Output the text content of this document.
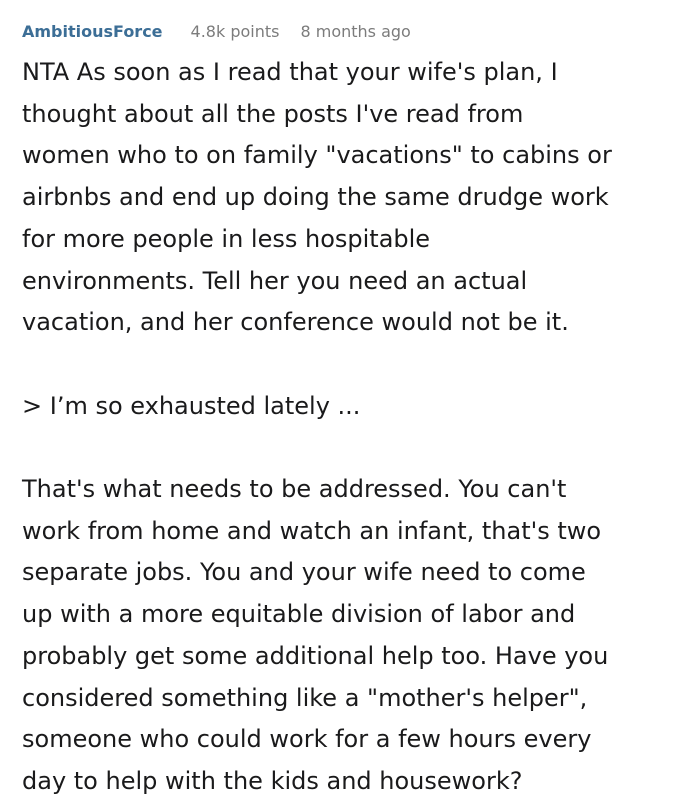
AmbitiousForce 4.8k points 8 months ago

NTA As soon as I read that your wife's plan, I
thought about all the posts I've read from
women who to on family "vacations" to cabins or
airbnbs and end up doing the same drudge work
for more people in less hospitable
environments. Tell her you need an actual
vacation, and her conference would not be it.

> I’m so exhausted lately ...

That's what needs to be addressed. You can't
work from home and watch an infant, that's two
separate jobs. You and your wife need to come
up with a more equitable division of labor and
probably get some additional help too. Have you
considered something like a "mother's helper",
someone who could work for a few hours every
day to help with the kids and housework?
